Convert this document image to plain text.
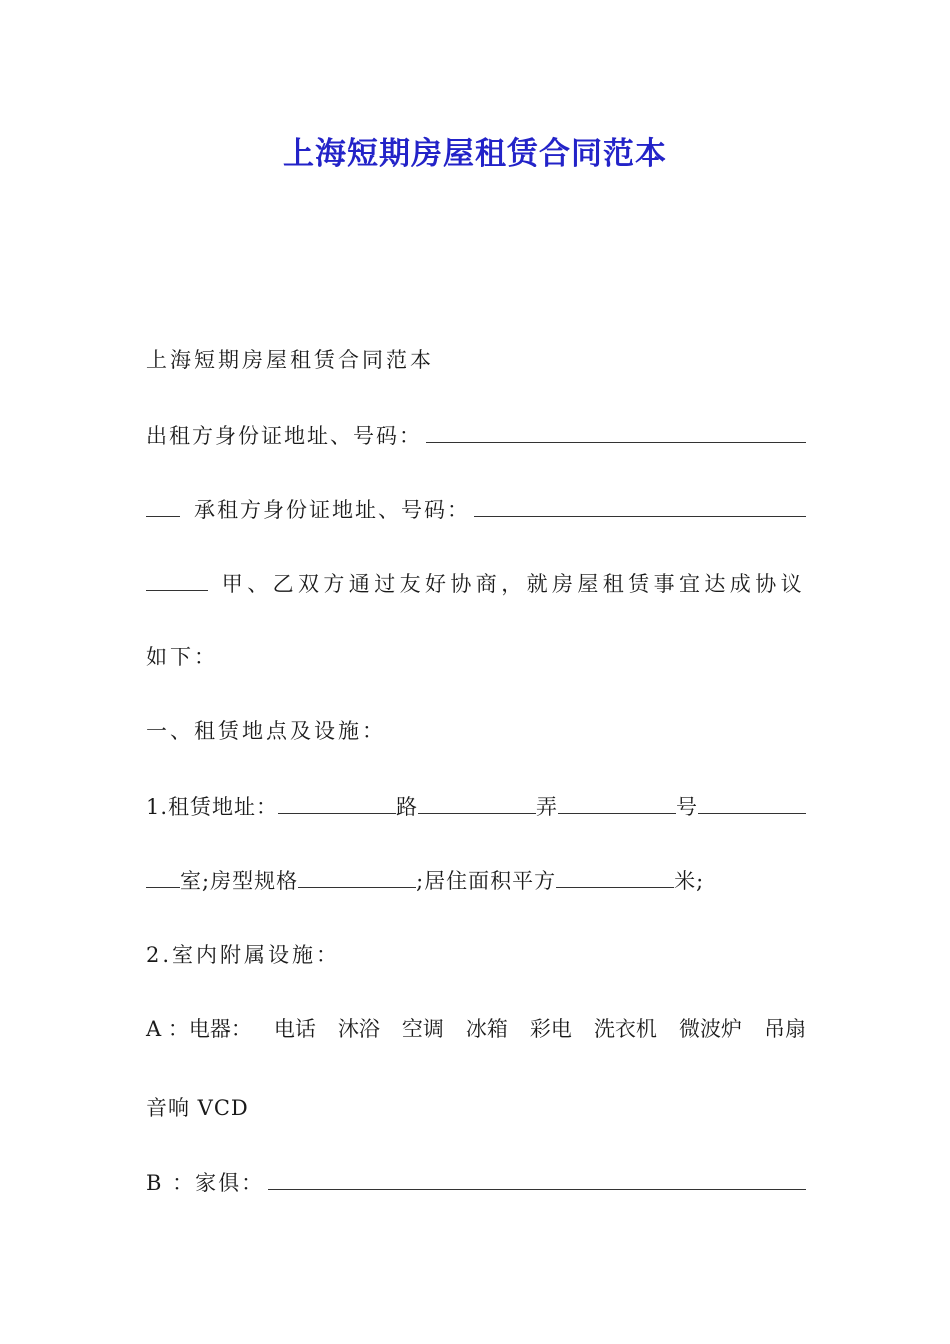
上海短期房屋租赁合同范本
上海短期房屋租赁合同范本
出租方身份证地址、号码：
承租方身份证地址、号码：
甲、乙双方通过友好协商，就房屋租赁事宜达成协议
如下：
一、租赁地点及设施：
1.租赁地址：	路	弄	号
室;房型规格	;居住面积平方	米;
2.室内附属设施：
A ：电器： 电话 沐浴 空调 冰箱 彩电 洗衣机 微波炉 吊扇
音响 VCD
B ：家俱：
